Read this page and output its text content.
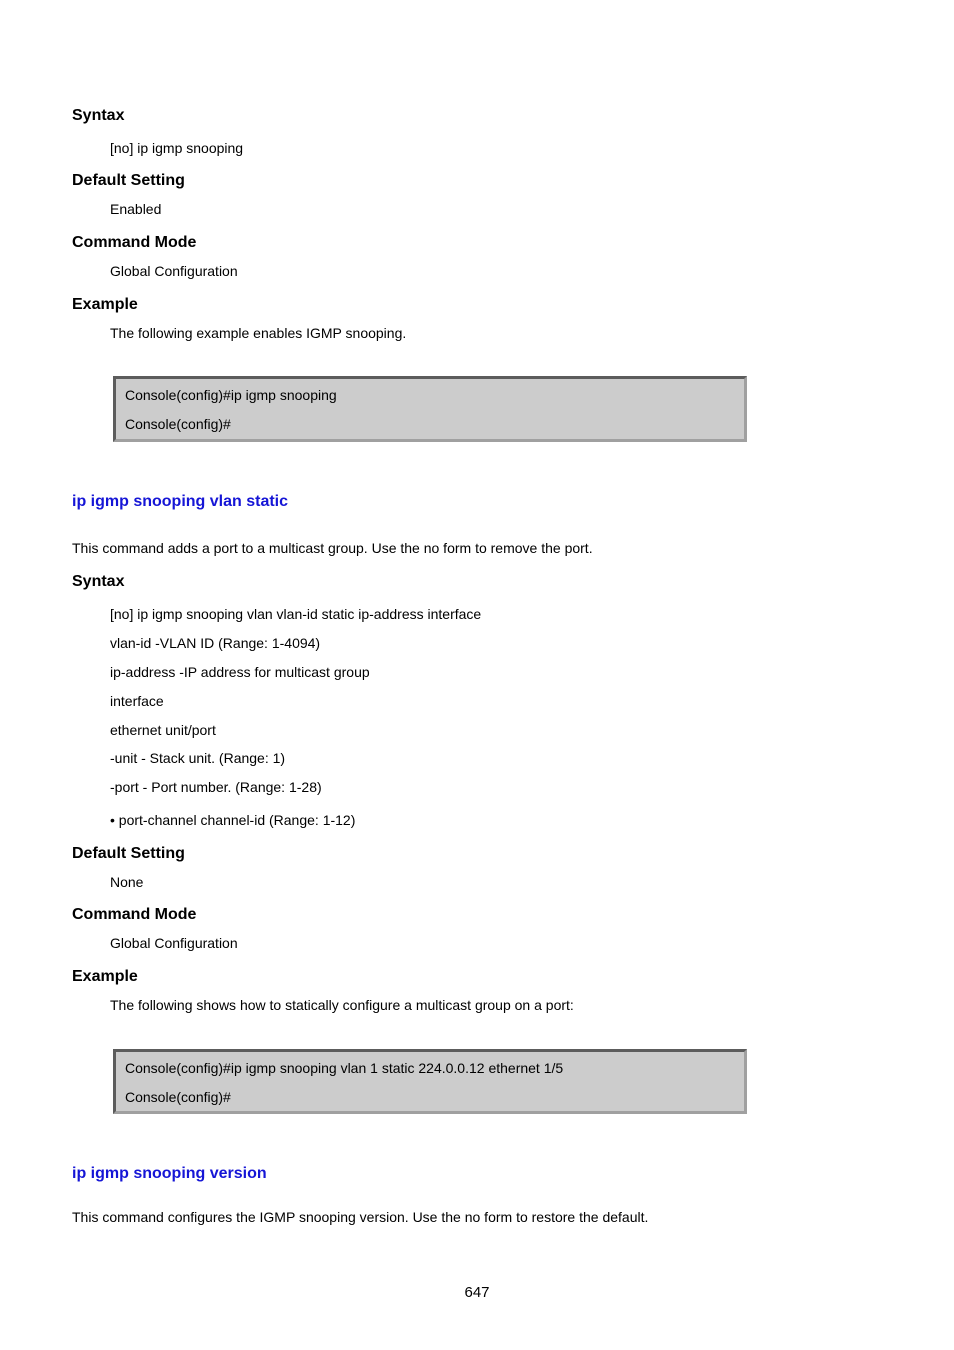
Syntax
[no] ip igmp snooping
Default Setting
Enabled
Command Mode
Global Configuration
Example
The following example enables IGMP snooping.
Console(config)#ip igmp snooping
Console(config)#
ip igmp snooping vlan static
This command adds a port to a multicast group. Use the no form to remove the port.
Syntax
[no] ip igmp snooping vlan vlan-id static ip-address interface
vlan-id -VLAN ID (Range: 1-4094)
ip-address -IP address for multicast group
interface
ethernet unit/port
-unit - Stack unit. (Range: 1)
-port - Port number. (Range: 1-28)
• port-channel channel-id (Range: 1-12)
Default Setting
None
Command Mode
Global Configuration
Example
The following shows how to statically configure a multicast group on a port:
Console(config)#ip igmp snooping vlan 1 static 224.0.0.12 ethernet 1/5
Console(config)#
ip igmp snooping version
This command configures the IGMP snooping version. Use the no form to restore the default.
647
